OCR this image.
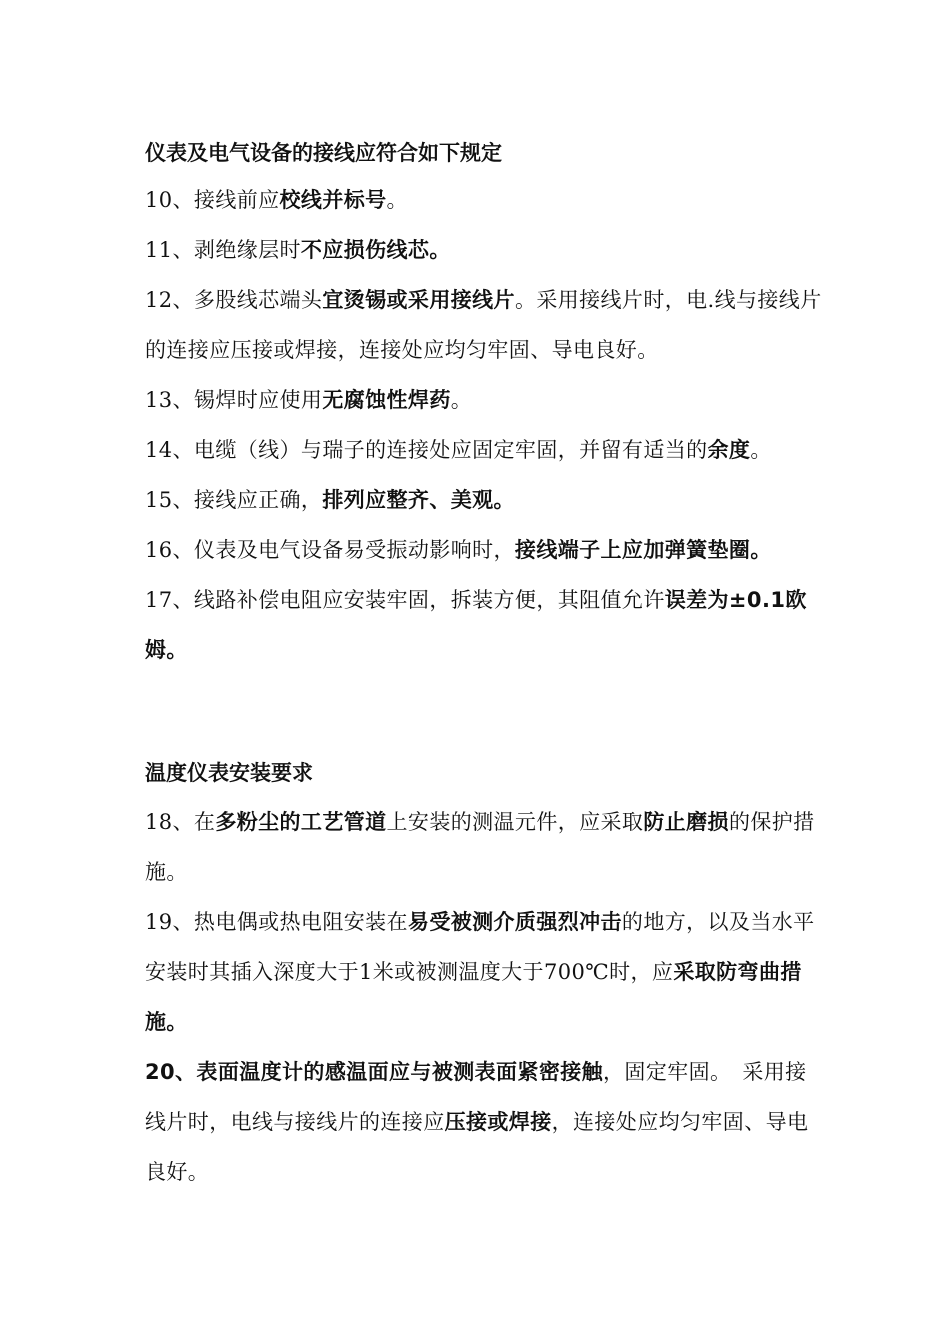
仪表及电气设备的接线应符合如下规定

10、接线前应校线并标号。

11、剥绝缘层时不应损伤线芯。

12、多股线芯端头宜烫锡或采用接线片。采用接线片时，电.线与接线片的连接应压接或焊接，连接处应均匀牢固、导电良好。

13、锡焊时应使用无腐蚀性焊药。

14、电缆（线）与瑞子的连接处应固定牢固，并留有适当的余度。

15、接线应正确，排列应整齐、美观。

16、仪表及电气设备易受振动影响时，接线端子上应加弹簧垫圈。

17、线路补偿电阻应安装牢固，拆装方便，其阻值允许误差为±0.1欧姆。

温度仪表安装要求

18、在多粉尘的工艺管道上安装的测温元件，应采取防止磨损的保护措施。

19、热电偶或热电阻安装在易受被测介质强烈冲击的地方，以及当水平安装时其插入深度大于1米或被测温度大于700℃时，应采取防弯曲措施。

20、表面温度计的感温面应与被测表面紧密接触，固定牢固。　采用接线片时，电线与接线片的连接应压接或焊接，连接处应均匀牢固、导电良好。
